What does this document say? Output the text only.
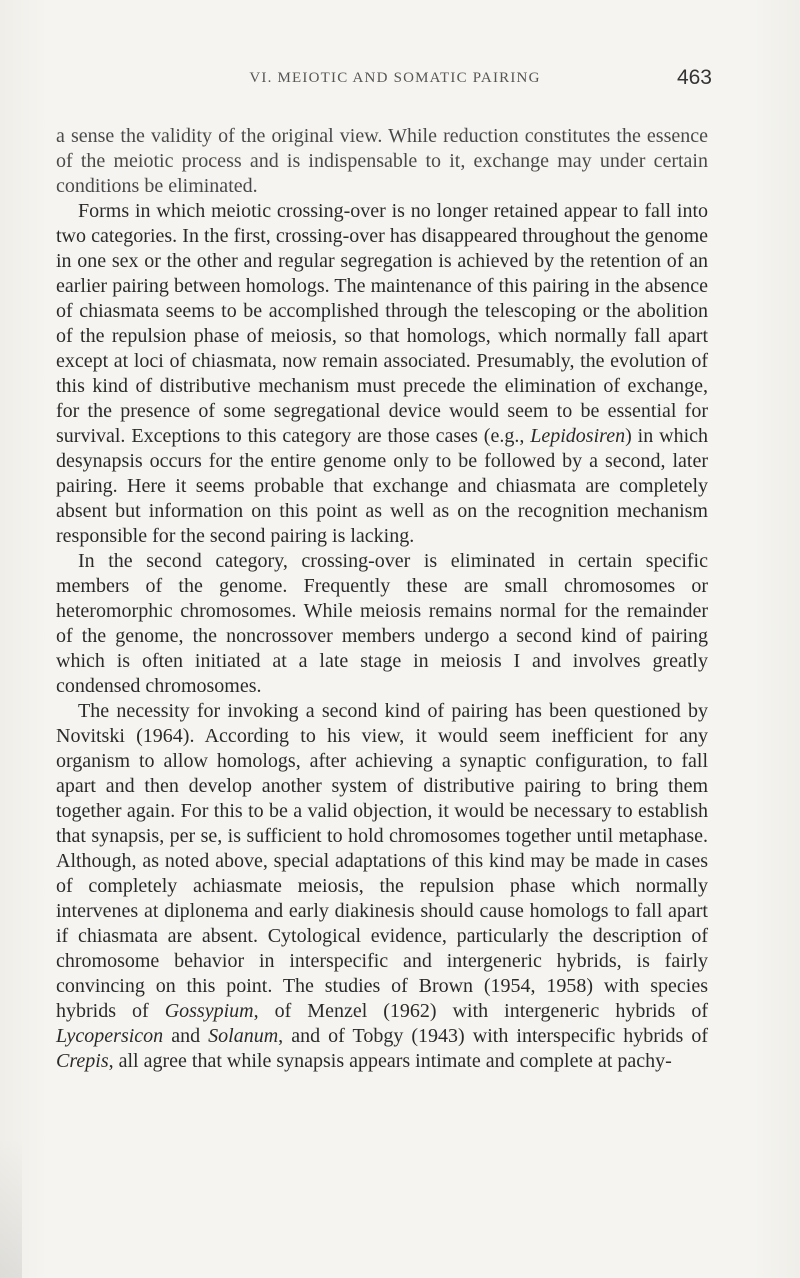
VI. MEIOTIC AND SOMATIC PAIRING	463

a sense the validity of the original view. While reduction constitutes the essence of the meiotic process and is indispensable to it, exchange may under certain conditions be eliminated.

Forms in which meiotic crossing-over is no longer retained appear to fall into two categories. In the first, crossing-over has disappeared throughout the genome in one sex or the other and regular segregation is achieved by the retention of an earlier pairing between homologs. The maintenance of this pairing in the absence of chiasmata seems to be accomplished through the telescoping or the abolition of the repulsion phase of meiosis, so that homologs, which normally fall apart except at loci of chiasmata, now remain associated. Presumably, the evolution of this kind of distributive mechanism must precede the elimination of exchange, for the presence of some segregational device would seem to be essential for survival. Exceptions to this category are those cases (e.g., Lepidosiren) in which desynapsis occurs for the entire genome only to be followed by a second, later pairing. Here it seems probable that exchange and chiasmata are completely absent but information on this point as well as on the recognition mechanism responsible for the second pairing is lacking.

In the second category, crossing-over is eliminated in certain specific members of the genome. Frequently these are small chromosomes or heteromorphic chromosomes. While meiosis remains normal for the remainder of the genome, the noncrossover members undergo a second kind of pairing which is often initiated at a late stage in meiosis I and involves greatly condensed chromosomes.

The necessity for invoking a second kind of pairing has been questioned by Novitski (1964). According to his view, it would seem inefficient for any organism to allow homologs, after achieving a synaptic configuration, to fall apart and then develop another system of distributive pairing to bring them together again. For this to be a valid objection, it would be necessary to establish that synapsis, per se, is sufficient to hold chromosomes together until metaphase. Although, as noted above, special adaptations of this kind may be made in cases of completely achiasmate meiosis, the repulsion phase which normally intervenes at diplonema and early diakinesis should cause homologs to fall apart if chiasmata are absent. Cytological evidence, particularly the description of chromosome behavior in interspecific and intergeneric hybrids, is fairly convincing on this point. The studies of Brown (1954, 1958) with species hybrids of Gossypium, of Menzel (1962) with intergeneric hybrids of Lycopersicon and Solanum, and of Tobgy (1943) with interspecific hybrids of Crepis, all agree that while synapsis appears intimate and complete at pachy-
